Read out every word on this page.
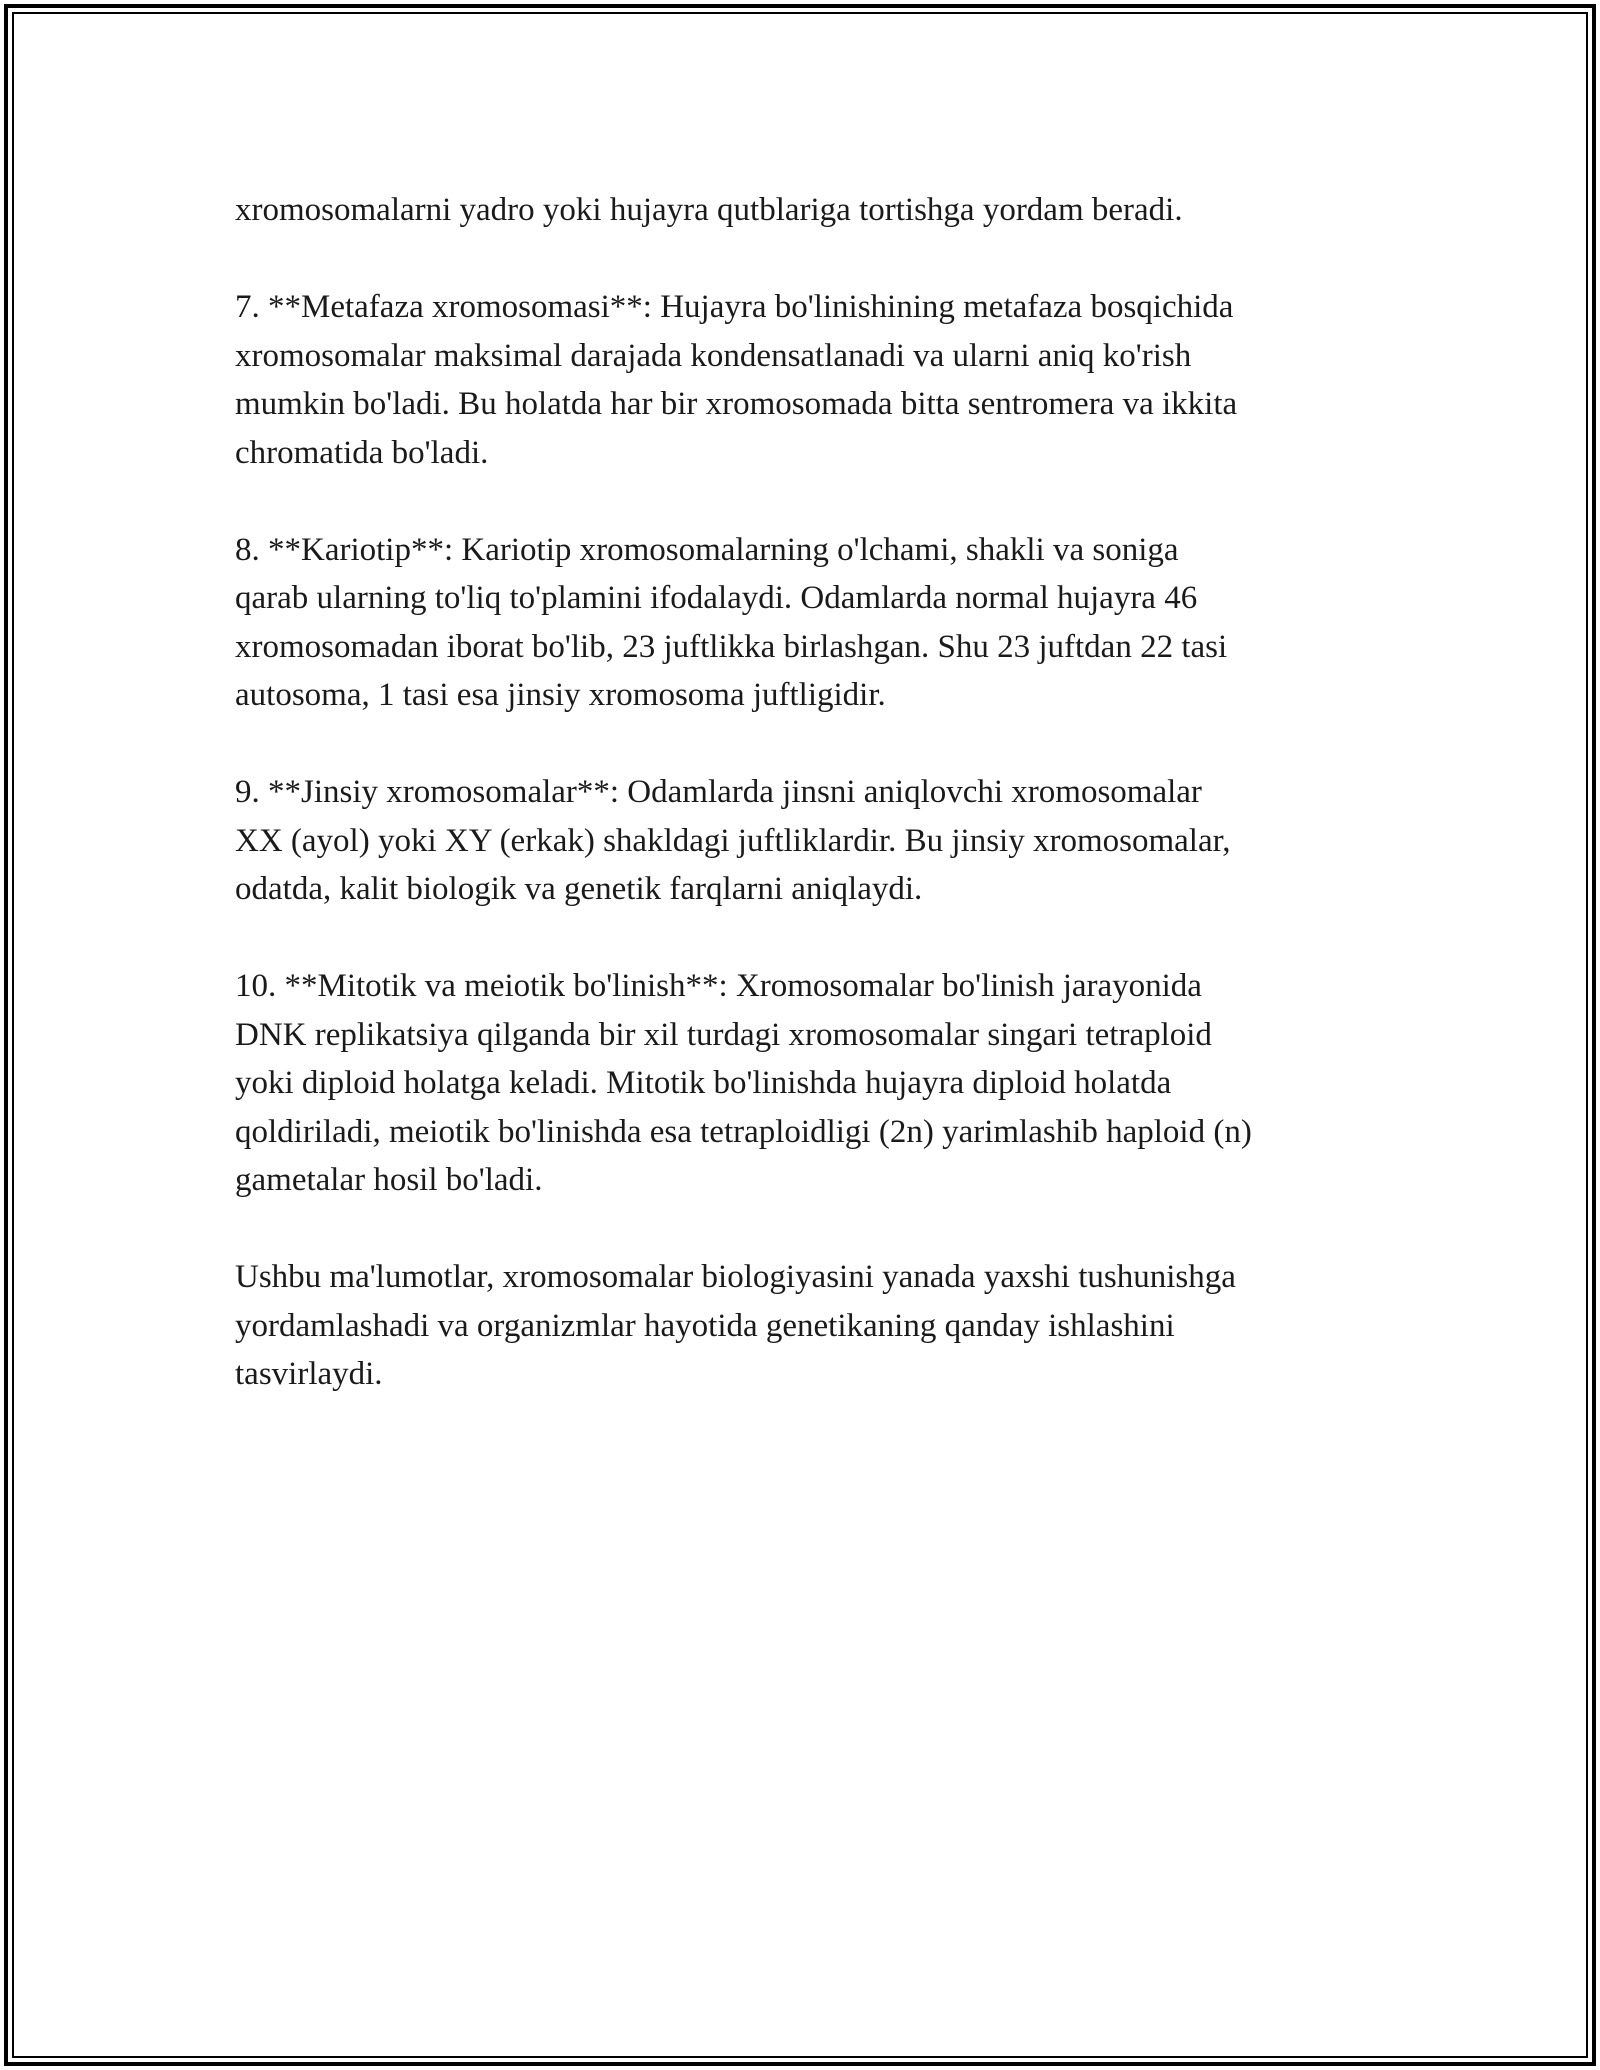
xromosomalarni yadro yoki hujayra qutblariga tortishga yordam beradi.

7. **Metafaza xromosomasi**: Hujayra bo'linishining metafaza bosqichida
xromosomalar maksimal darajada kondensatlanadi va ularni aniq ko'rish
mumkin bo'ladi. Bu holatda har bir xromosomada bitta sentromera va ikkita
chromatida bo'ladi.

8. **Kariotip**: Kariotip xromosomalarning o'lchami, shakli va soniga
qarab ularning to'liq to'plamini ifodalaydi. Odamlarda normal hujayra 46
xromosomadan iborat bo'lib, 23 juftlikka birlashgan. Shu 23 juftdan 22 tasi
autosoma, 1 tasi esa jinsiy xromosoma juftligidir.

9. **Jinsiy xromosomalar**: Odamlarda jinsni aniqlovchi xromosomalar
XX (ayol) yoki XY (erkak) shakldagi juftliklardir. Bu jinsiy xromosomalar,
odatda, kalit biologik va genetik farqlarni aniqlaydi.

10. **Mitotik va meiotik bo'linish**: Xromosomalar bo'linish jarayonida
DNK replikatsiya qilganda bir xil turdagi xromosomalar singari tetraploid
yoki diploid holatga keladi. Mitotik bo'linishda hujayra diploid holatda
qoldiriladi, meiotik bo'linishda esa tetraploidligi (2n) yarimlashib haploid (n)
gametalar hosil bo'ladi.

Ushbu ma'lumotlar, xromosomalar biologiyasini yanada yaxshi tushunishga
yordamlashadi va organizmlar hayotida genetikaning qanday ishlashini
tasvirlaydi.
